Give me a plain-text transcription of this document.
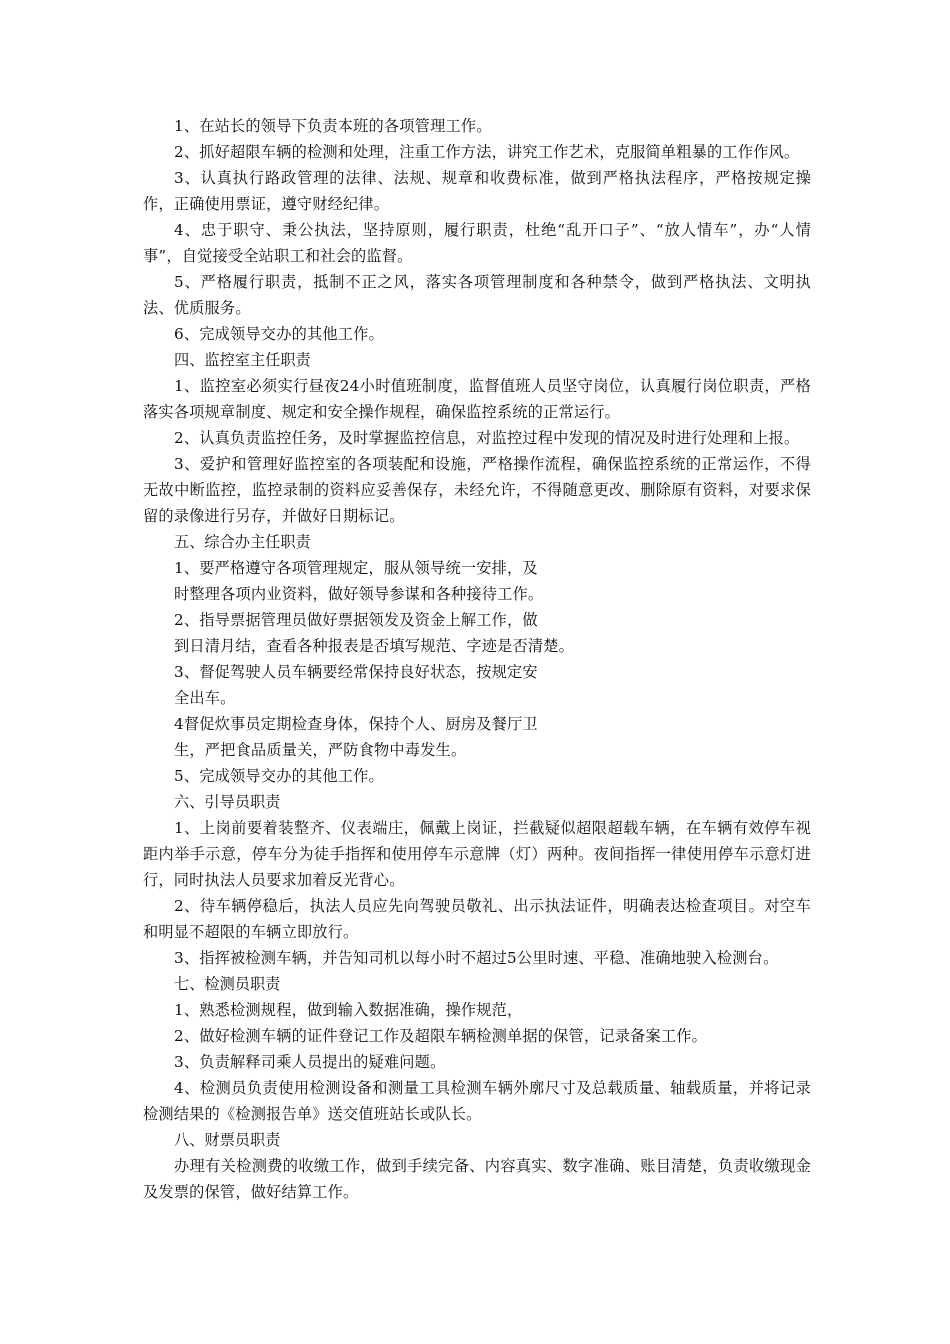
1、在站长的领导下负责本班的各项管理工作。

2、抓好超限车辆的检测和处理，注重工作方法，讲究工作艺术，克服简单粗暴的工作作风。

3、认真执行路政管理的法律、法规、规章和收费标准，做到严格执法程序，严格按规定操作，正确使用票证，遵守财经纪律。

4、忠于职守、秉公执法，坚持原则，履行职责，杜绝“乱开口子”、“放人情车”，办“人情事”，自觉接受全站职工和社会的监督。

5、严格履行职责，抵制不正之风，落实各项管理制度和各种禁令，做到严格执法、文明执法、优质服务。

6、完成领导交办的其他工作。

四、监控室主任职责

1、监控室必须实行昼夜24小时值班制度，监督值班人员坚守岗位，认真履行岗位职责，严格落实各项规章制度、规定和安全操作规程，确保监控系统的正常运行。

2、认真负责监控任务，及时掌握监控信息，对监控过程中发现的情况及时进行处理和上报。

3、爱护和管理好监控室的各项装配和设施，严格操作流程，确保监控系统的正常运作，不得无故中断监控，监控录制的资料应妥善保存，未经允许，不得随意更改、删除原有资料，对要求保留的录像进行另存，并做好日期标记。

五、综合办主任职责

1、要严格遵守各项管理规定，服从领导统一安排，及

时整理各项内业资料，做好领导参谋和各种接待工作。

2、指导票据管理员做好票据领发及资金上解工作，做

到日清月结，查看各种报表是否填写规范、字迹是否清楚。

3、督促驾驶人员车辆要经常保持良好状态，按规定安

全出车。

4督促炊事员定期检查身体，保持个人、厨房及餐厅卫

生，严把食品质量关，严防食物中毒发生。

5、完成领导交办的其他工作。

六、引导员职责

1、上岗前要着装整齐、仪表端庄，佩戴上岗证，拦截疑似超限超载车辆，在车辆有效停车视距内举手示意，停车分为徒手指挥和使用停车示意牌（灯）两种。夜间指挥一律使用停车示意灯进行，同时执法人员要求加着反光背心。

2、待车辆停稳后，执法人员应先向驾驶员敬礼、出示执法证件，明确表达检查项目。对空车和明显不超限的车辆立即放行。

3、指挥被检测车辆，并告知司机以每小时不超过5公里时速、平稳、准确地驶入检测台。

七、检测员职责

1、熟悉检测规程，做到输入数据准确，操作规范，

2、做好检测车辆的证件登记工作及超限车辆检测单据的保管，记录备案工作。

3、负责解释司乘人员提出的疑难问题。

4、检测员负责使用检测设备和测量工具检测车辆外廓尺寸及总载质量、轴载质量，并将记录检测结果的《检测报告单》送交值班站长或队长。

八、财票员职责

办理有关检测费的收缴工作，做到手续完备、内容真实、数字准确、账目清楚，负责收缴现金及发票的保管，做好结算工作。
